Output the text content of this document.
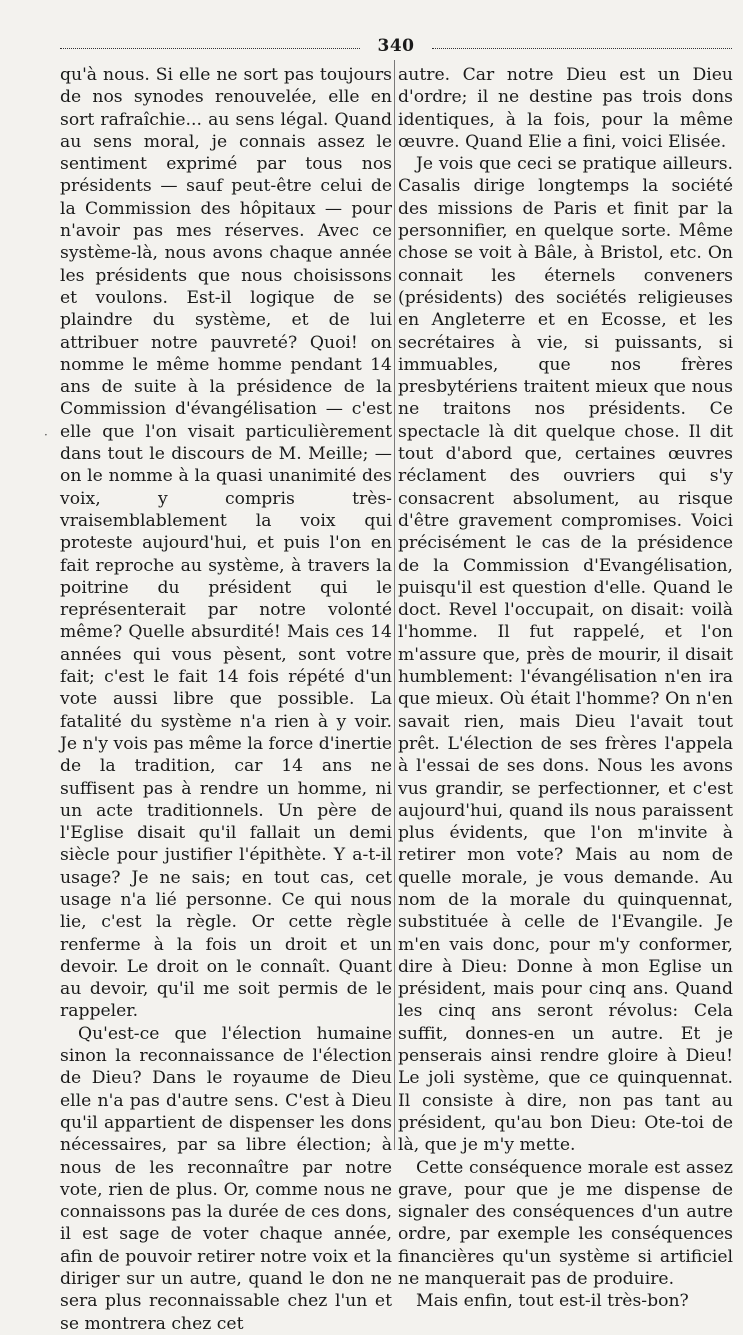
340
·

qu'à nous. Si elle ne sort pas toujours de nos synodes renouvelée, elle en sort rafraîchie... au sens légal. Quand au sens moral, je connais assez le sentiment exprimé par tous nos présidents — sauf peut-être celui de la Commission des hôpitaux — pour n'avoir pas mes réserves. Avec ce système-là, nous avons chaque année les présidents que nous choisissons et voulons. Est-il logique de se plaindre du système, et de lui attribuer notre pauvreté? Quoi! on nomme le même homme pendant 14 ans de suite à la présidence de la Commission d'évangélisation — c'est elle que l'on visait particulièrement dans tout le discours de M. Meille; — on le nomme à la quasi unanimité des voix, y compris très-vraisemblablement la voix qui proteste aujourd'hui, et puis l'on en fait reproche au système, à travers la poitrine du président qui le représenterait par notre volonté même? Quelle absurdité! Mais ces 14 années qui vous pèsent, sont votre fait; c'est le fait 14 fois répété d'un vote aussi libre que possible. La fatalité du système n'a rien à y voir. Je n'y vois pas même la force d'inertie de la tradition, car 14 ans ne suffisent pas à rendre un homme, ni un acte traditionnels. Un père de l'Eglise disait qu'il fallait un demi siècle pour justifier l'épithète. Y a-t-il usage? Je ne sais; en tout cas, cet usage n'a lié personne. Ce qui nous lie, c'est la règle. Or cette règle renferme à la fois un droit et un devoir. Le droit on le connaît. Quant au devoir, qu'il me soit permis de le rappeler.

Qu'est-ce que l'élection humaine sinon la reconnaissance de l'élection de Dieu? Dans le royaume de Dieu elle n'a pas d'autre sens. C'est à Dieu qu'il appartient de dispenser les dons nécessaires, par sa libre élection; à nous de les reconnaître par notre vote, rien de plus. Or, comme nous ne connaissons pas la durée de ces dons, il est sage de voter chaque année, afin de pouvoir retirer notre voix et la diriger sur un autre, quand le don ne sera plus reconnaissable chez l'un et se montrera chez cet

autre. Car notre Dieu est un Dieu d'ordre; il ne destine pas trois dons identiques, à la fois, pour la même œuvre. Quand Elie a fini, voici Elisée.

Je vois que ceci se pratique ailleurs. Casalis dirige longtemps la société des missions de Paris et finit par la personnifier, en quelque sorte. Même chose se voit à Bâle, à Bristol, etc. On connait les éternels conveners (présidents) des sociétés religieuses en Angleterre et en Ecosse, et les secrétaires à vie, si puissants, si immuables, que nos frères presbytériens traitent mieux que nous ne traitons nos présidents. Ce spectacle là dit quelque chose. Il dit tout d'abord que, certaines œuvres réclament des ouvriers qui s'y consacrent absolument, au risque d'être gravement compromises. Voici précisément le cas de la présidence de la Commission d'Evangélisation, puisqu'il est question d'elle. Quand le doct. Revel l'occupait, on disait: voilà l'homme. Il fut rappelé, et l'on m'assure que, près de mourir, il disait humblement: l'évangélisation n'en ira que mieux. Où était l'homme? On n'en savait rien, mais Dieu l'avait tout prêt. L'élection de ses frères l'appela à l'essai de ses dons. Nous les avons vus grandir, se perfectionner, et c'est aujourd'hui, quand ils nous paraissent plus évidents, que l'on m'invite à retirer mon vote? Mais au nom de quelle morale, je vous demande. Au nom de la morale du quinquennat, substituée à celle de l'Evangile. Je m'en vais donc, pour m'y conformer, dire à Dieu: Donne à mon Eglise un président, mais pour cinq ans. Quand les cinq ans seront révolus: Cela suffit, donnes-en un autre. Et je penserais ainsi rendre gloire à Dieu! Le joli système, que ce quinquennat. Il consiste à dire, non pas tant au président, qu'au bon Dieu: Ote-toi de là, que je m'y mette.

Cette conséquence morale est assez grave, pour que je me dispense de signaler des conséquences d'un autre ordre, par exemple les conséquences financières qu'un système si artificiel ne manquerait pas de produire.

Mais enfin, tout est-il très-bon?
